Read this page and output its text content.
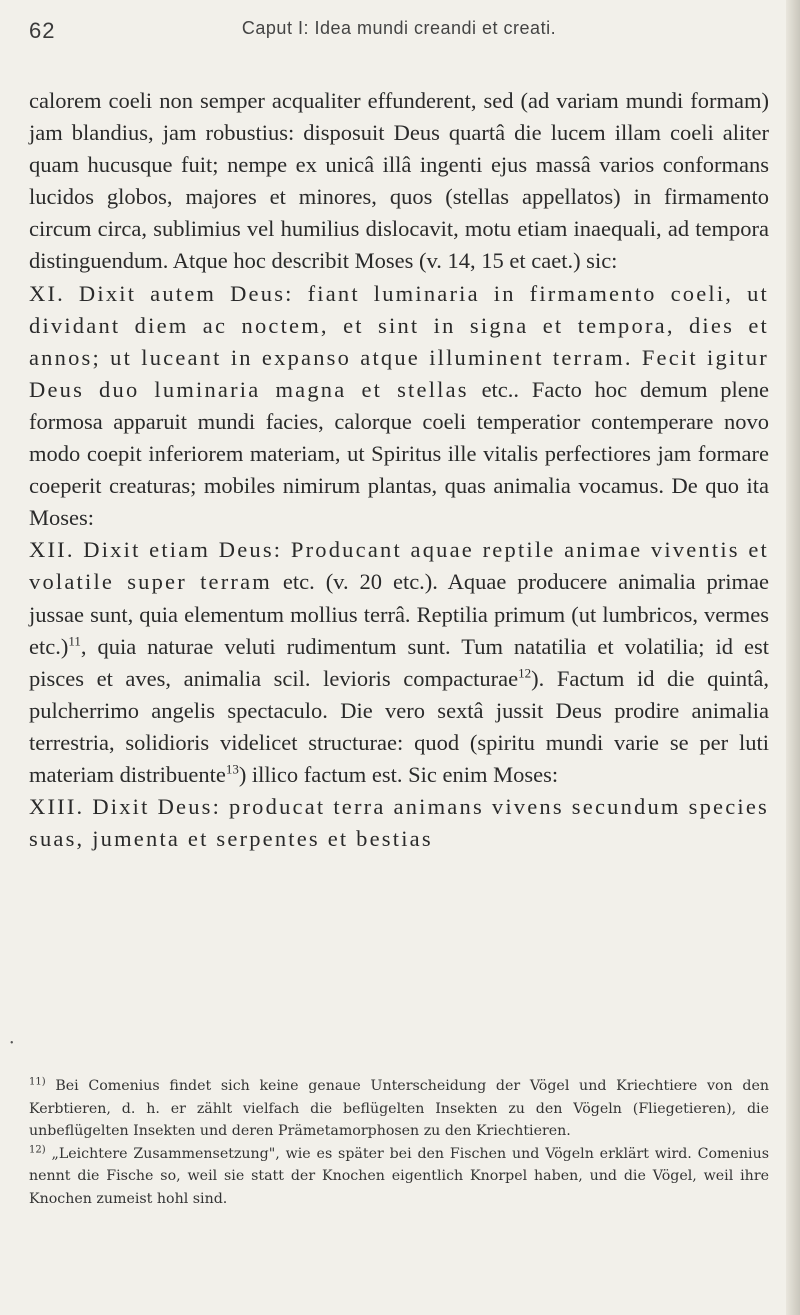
62	Caput I: Idea mundi creandi et creati.

calorem coeli non semper acqualiter effunderent, sed (ad variam mundi formam) jam blandius, jam robustius: disposuit Deus quartâ die lucem illam coeli aliter quam hucusque fuit; nempe ex unicâ illâ ingenti ejus massâ varios conformans lucidos globos, majores et minores, quos (stellas appellatos) in firmamento circum circa, sublimius vel humilius dislocavit, motu etiam inaequali, ad tempora distinguendum. Atque hoc describit Moses (v. 14, 15 et caet.) sic:

XI. Dixit autem Deus: fiant luminaria in firmamento coeli, ut dividant diem ac noctem, et sint in signa et tempora, dies et annos; ut luceant in expanso atque illuminent terram. Fecit igitur Deus duo luminaria magna et stellas etc.. Facto hoc demum plene formosa apparuit mundi facies, calorque coeli temperatior contemperare novo modo coepit inferiorem materiam, ut Spiritus ille vitalis perfectiores jam formare coeperit creaturas; mobiles nimirum plantas, quas animalia vocamus. De quo ita Moses:

XII. Dixit etiam Deus: Producant aquae reptile animae viventis et volatile super terram etc. (v. 20 etc.). Aquae producere animalia primae jussae sunt, quia elementum mollius terrâ. Reptilia primum (ut lumbricos, vermes etc.)$^{11}$, quia naturae veluti rudimentum sunt. Tum natatilia et volatilia; id est pisces et aves, animalia scil. levioris compacturae$^{12}$). Factum id die quintâ, pulcherrimo angelis spectaculo. Die vero sextâ jussit Deus prodire animalia terrestria, solidioris videlicet structurae: quod (spiritu mundi varie se per luti materiam distribuente$^{13}$) illico factum est. Sic enim Moses:

XIII. Dixit Deus: producat terra animans vivens secundum species suas, jumenta et serpentes et bestias

•

$^{11)}$ Bei Comenius findet sich keine genaue Unterscheidung der Vögel und Kriechtiere von den Kerbtieren, d. h. er zählt vielfach die beflügelten Insekten zu den Vögeln (Fliegetieren), die unbeflügelten Insekten und deren Prämetamorphosen zu den Kriechtieren.

$^{12)}$ „Leichtere Zusammensetzung", wie es später bei den Fischen und Vögeln erklärt wird. Comenius nennt die Fische so, weil sie statt der Knochen eigentlich Knorpel haben, und die Vögel, weil ihre Knochen zumeist hohl sind.
